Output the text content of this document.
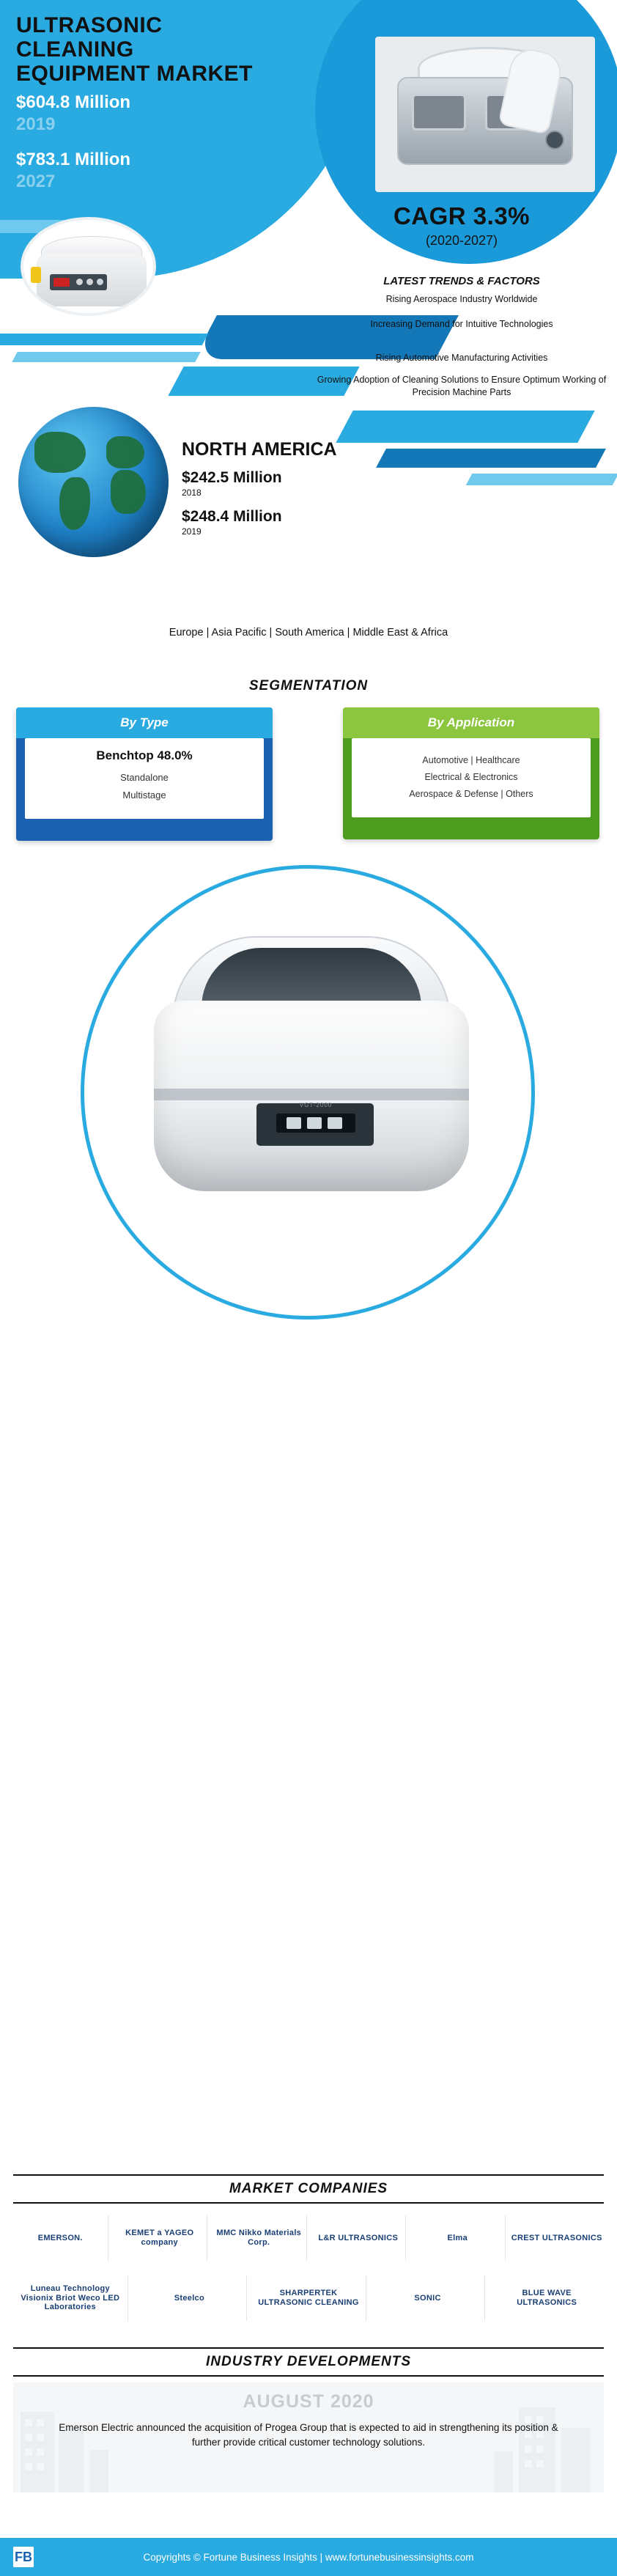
ULTRASONIC CLEANING EQUIPMENT MARKET
$604.8 Million
2019
$783.1 Million
2027
CAGR 3.3%
(2020-2027)
LATEST TRENDS & FACTORS
Rising Aerospace Industry Worldwide
Increasing Demand for Intuitive Technologies
Rising Automotive Manufacturing Activities
Growing Adoption of Cleaning Solutions to Ensure Optimum Working of Precision Machine Parts
NORTH AMERICA
$242.5 Million
2018
$248.4 Million
2019
Europe | Asia Pacific | South America | Middle East & Africa
SEGMENTATION
By Type
Benchtop 48.0%
Standalone
Multistage
By Application
Automotive | Healthcare
Electrical & Electronics
Aerospace & Defense | Others
VGT-2000
MARKET COMPANIES
EMERSON.
KEMET a YAGEO company
MMC Nikko Materials Corp.
L&R ULTRASONICS	Elma	CREST ULTRASONICS
Luneau Technology Visionix Briot Weco LED Laboratories
Steelco
SHARPERTEK ULTRASONIC CLEANING
SONIC
BLUE WAVE ULTRASONICS
INDUSTRY DEVELOPMENTS
AUGUST 2020
Emerson Electric announced the acquisition of Progea Group that is expected to aid in strengthening its position & further provide critical customer technology solutions.
FB	Copyrights © Fortune Business Insights | www.fortunebusinessinsights.com
